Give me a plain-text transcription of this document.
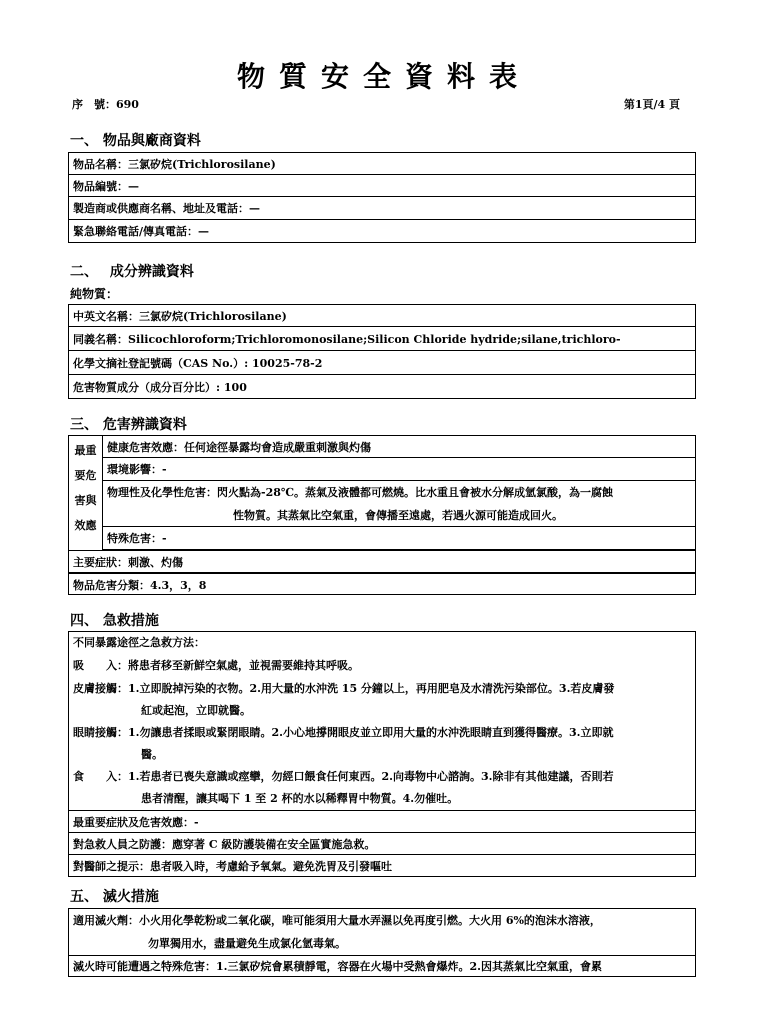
物質安全資料表
序　號：690	第1頁/4 頁
一、 物品與廠商資料
物品名稱：三氯矽烷(Trichlorosilane)
物品編號：—
製造商或供應商名稱、地址及電話：—
緊急聯絡電話/傳真電話：—
二、　 成分辨識資料
純物質：
中英文名稱：三氯矽烷(Trichlorosilane)
同義名稱：Silicochloroform;Trichloromonosilane;Silicon Chloride hydride;silane,trichloro-
化學文摘社登記號碼（CAS No.）: 10025-78-2
危害物質成分（成分百分比）: 100
三、 危害辨識資料
最重
要危
害與
效應
健康危害效應：任何途徑暴露均會造成嚴重刺激與灼傷
環境影響：-
物理性及化學性危害：閃火點為-28℃。蒸氣及液體都可燃燒。比水重且會被水分解成氫氯酸，為一腐蝕
性物質。其蒸氣比空氣重，會傳播至遠處，若遇火源可能造成回火。
特殊危害：-
主要症狀：刺激、灼傷
物品危害分類：4.3，3，8
四、 急救措施
不同暴露途徑之急救方法：
吸　　入：將患者移至新鮮空氣處，並視需要維持其呼吸。
皮膚接觸：1.立即脫掉污染的衣物。2.用大量的水沖洗 15 分鐘以上，再用肥皂及水清洗污染部位。3.若皮膚發
紅或起泡，立即就醫。
眼睛接觸：1.勿讓患者揉眼或緊閉眼睛。2.小心地撐開眼皮並立即用大量的水沖洗眼睛直到獲得醫療。3.立即就
醫。
食　　入：1.若患者已喪失意識或痙攣，勿經口餵食任何東西。2.向毒物中心諮詢。3.除非有其他建議，否則若
患者清醒，讓其喝下 1 至 2 杯的水以稀釋胃中物質。4.勿催吐。
最重要症狀及危害效應：-
對急救人員之防護：應穿著 C 級防護裝備在安全區實施急救。
對醫師之提示：患者吸入時，考慮給予氧氣。避免洗胃及引發嘔吐
五、 滅火措施
適用滅火劑：小火用化學乾粉或二氧化碳，唯可能須用大量水弄濕以免再度引燃。大火用 6%的泡沫水溶液，
勿單獨用水，盡量避免生成氯化氫毒氣。
滅火時可能遭遇之特殊危害：1.三氯矽烷會累積靜電，容器在火場中受熱會爆炸。2.因其蒸氣比空氣重，會累
